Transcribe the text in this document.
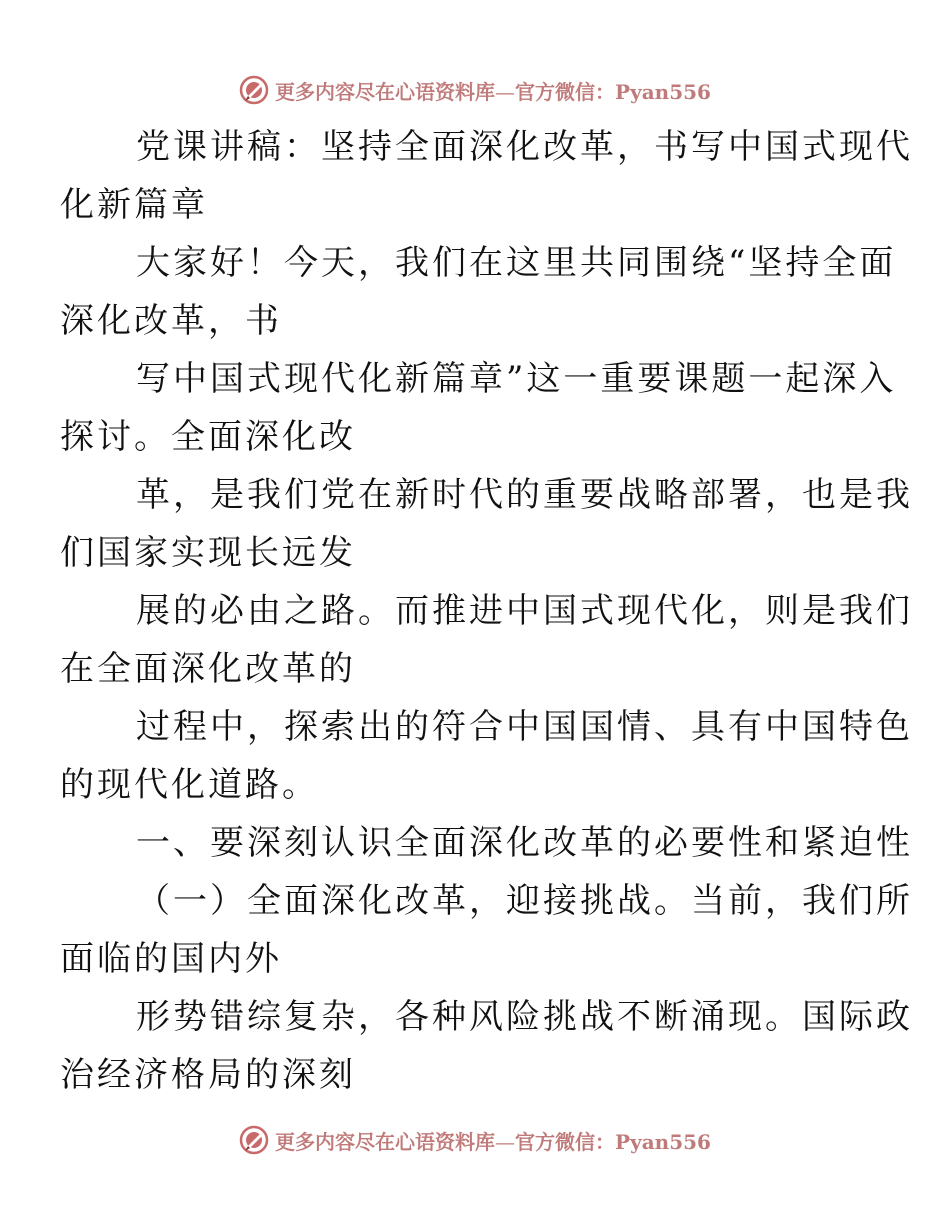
更多内容尽在心语资料库—官方微信：Pyan556

党课讲稿：坚持全面深化改革，书写中国式现代
化新篇章

大家好！今天，我们在这里共同围绕“坚持全面
深化改革，书

写中国式现代化新篇章”这一重要课题一起深入
探讨。全面深化改

革，是我们党在新时代的重要战略部署，也是我
们国家实现长远发

展的必由之路。而推进中国式现代化，则是我们
在全面深化改革的

过程中，探索出的符合中国国情、具有中国特色
的现代化道路。

一、要深刻认识全面深化改革的必要性和紧迫性

（一）全面深化改革，迎接挑战。当前，我们所
面临的国内外

形势错综复杂，各种风险挑战不断涌现。国际政
治经济格局的深刻

更多内容尽在心语资料库—官方微信：Pyan556
